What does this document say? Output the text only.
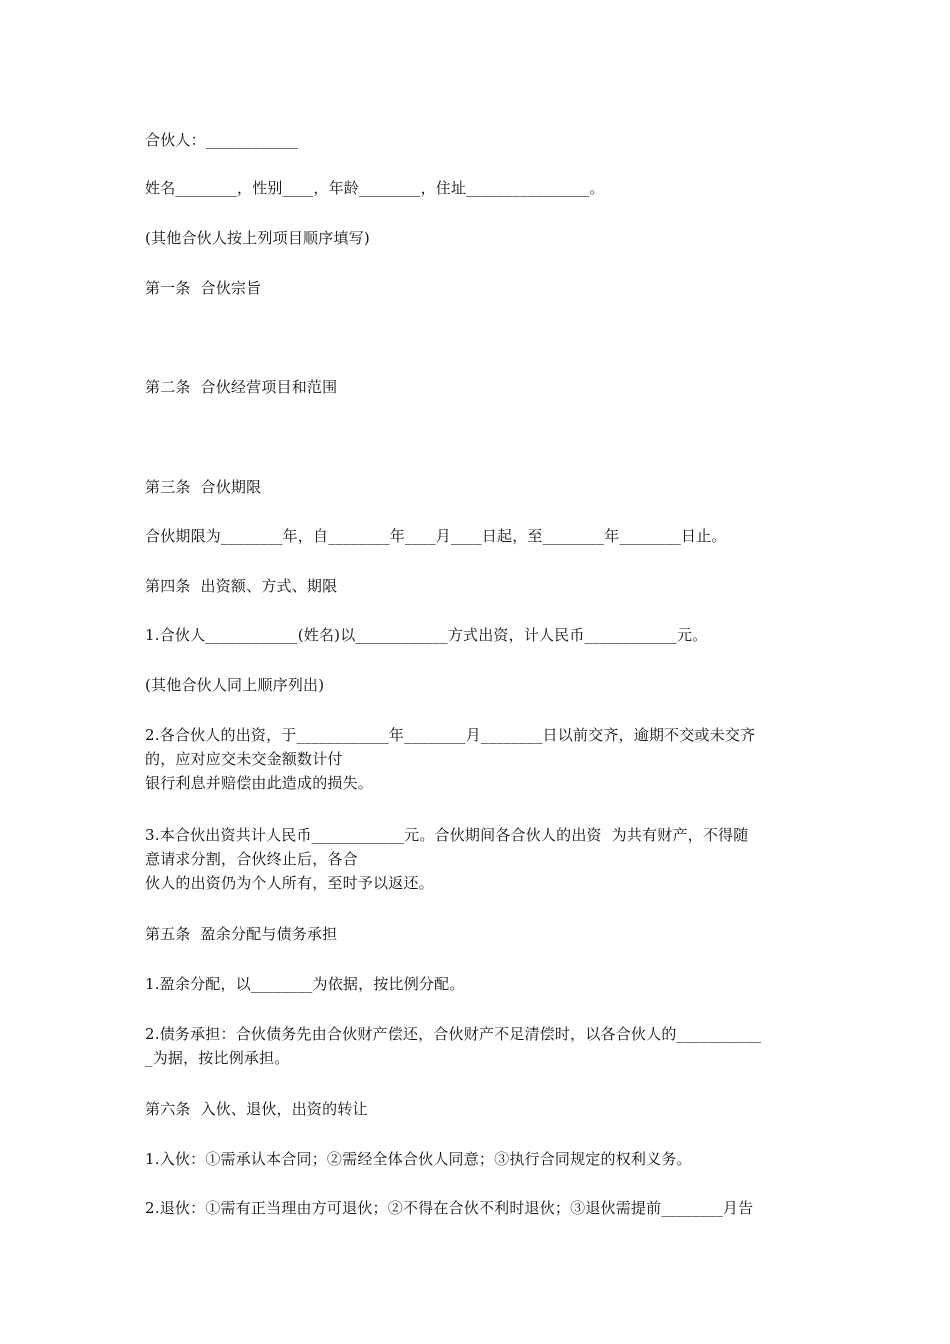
合伙人：____________
姓名________，性别____，年龄________，住址________________。
(其他合伙人按上列项目顺序填写)
第一条  合伙宗旨
第二条  合伙经营项目和范围
第三条  合伙期限
合伙期限为________年，自________年____月____日起，至________年________日止。
第四条  出资额、方式、期限
1.合伙人____________(姓名)以____________方式出资，计人民币____________元。
(其他合伙人同上顺序列出)
2.各合伙人的出资，于____________年________月________日以前交齐，逾期不交或未交齐
的，应对应交未交金额数计付
银行利息并赔偿由此造成的损失。
3.本合伙出资共计人民币____________元。合伙期间各合伙人的出资  为共有财产，不得随
意请求分割，合伙终止后，各合
伙人的出资仍为个人所有，至时予以返还。
第五条  盈余分配与债务承担
1.盈余分配，以________为依据，按比例分配。
2.债务承担：合伙债务先由合伙财产偿还，合伙财产不足清偿时，以各合伙人的___________
_为据，按比例承担。
第六条  入伙、退伙，出资的转让
1.入伙：①需承认本合同；②需经全体合伙人同意；③执行合同规定的权利义务。
2.退伙：①需有正当理由方可退伙；②不得在合伙不利时退伙；③退伙需提前________月告
